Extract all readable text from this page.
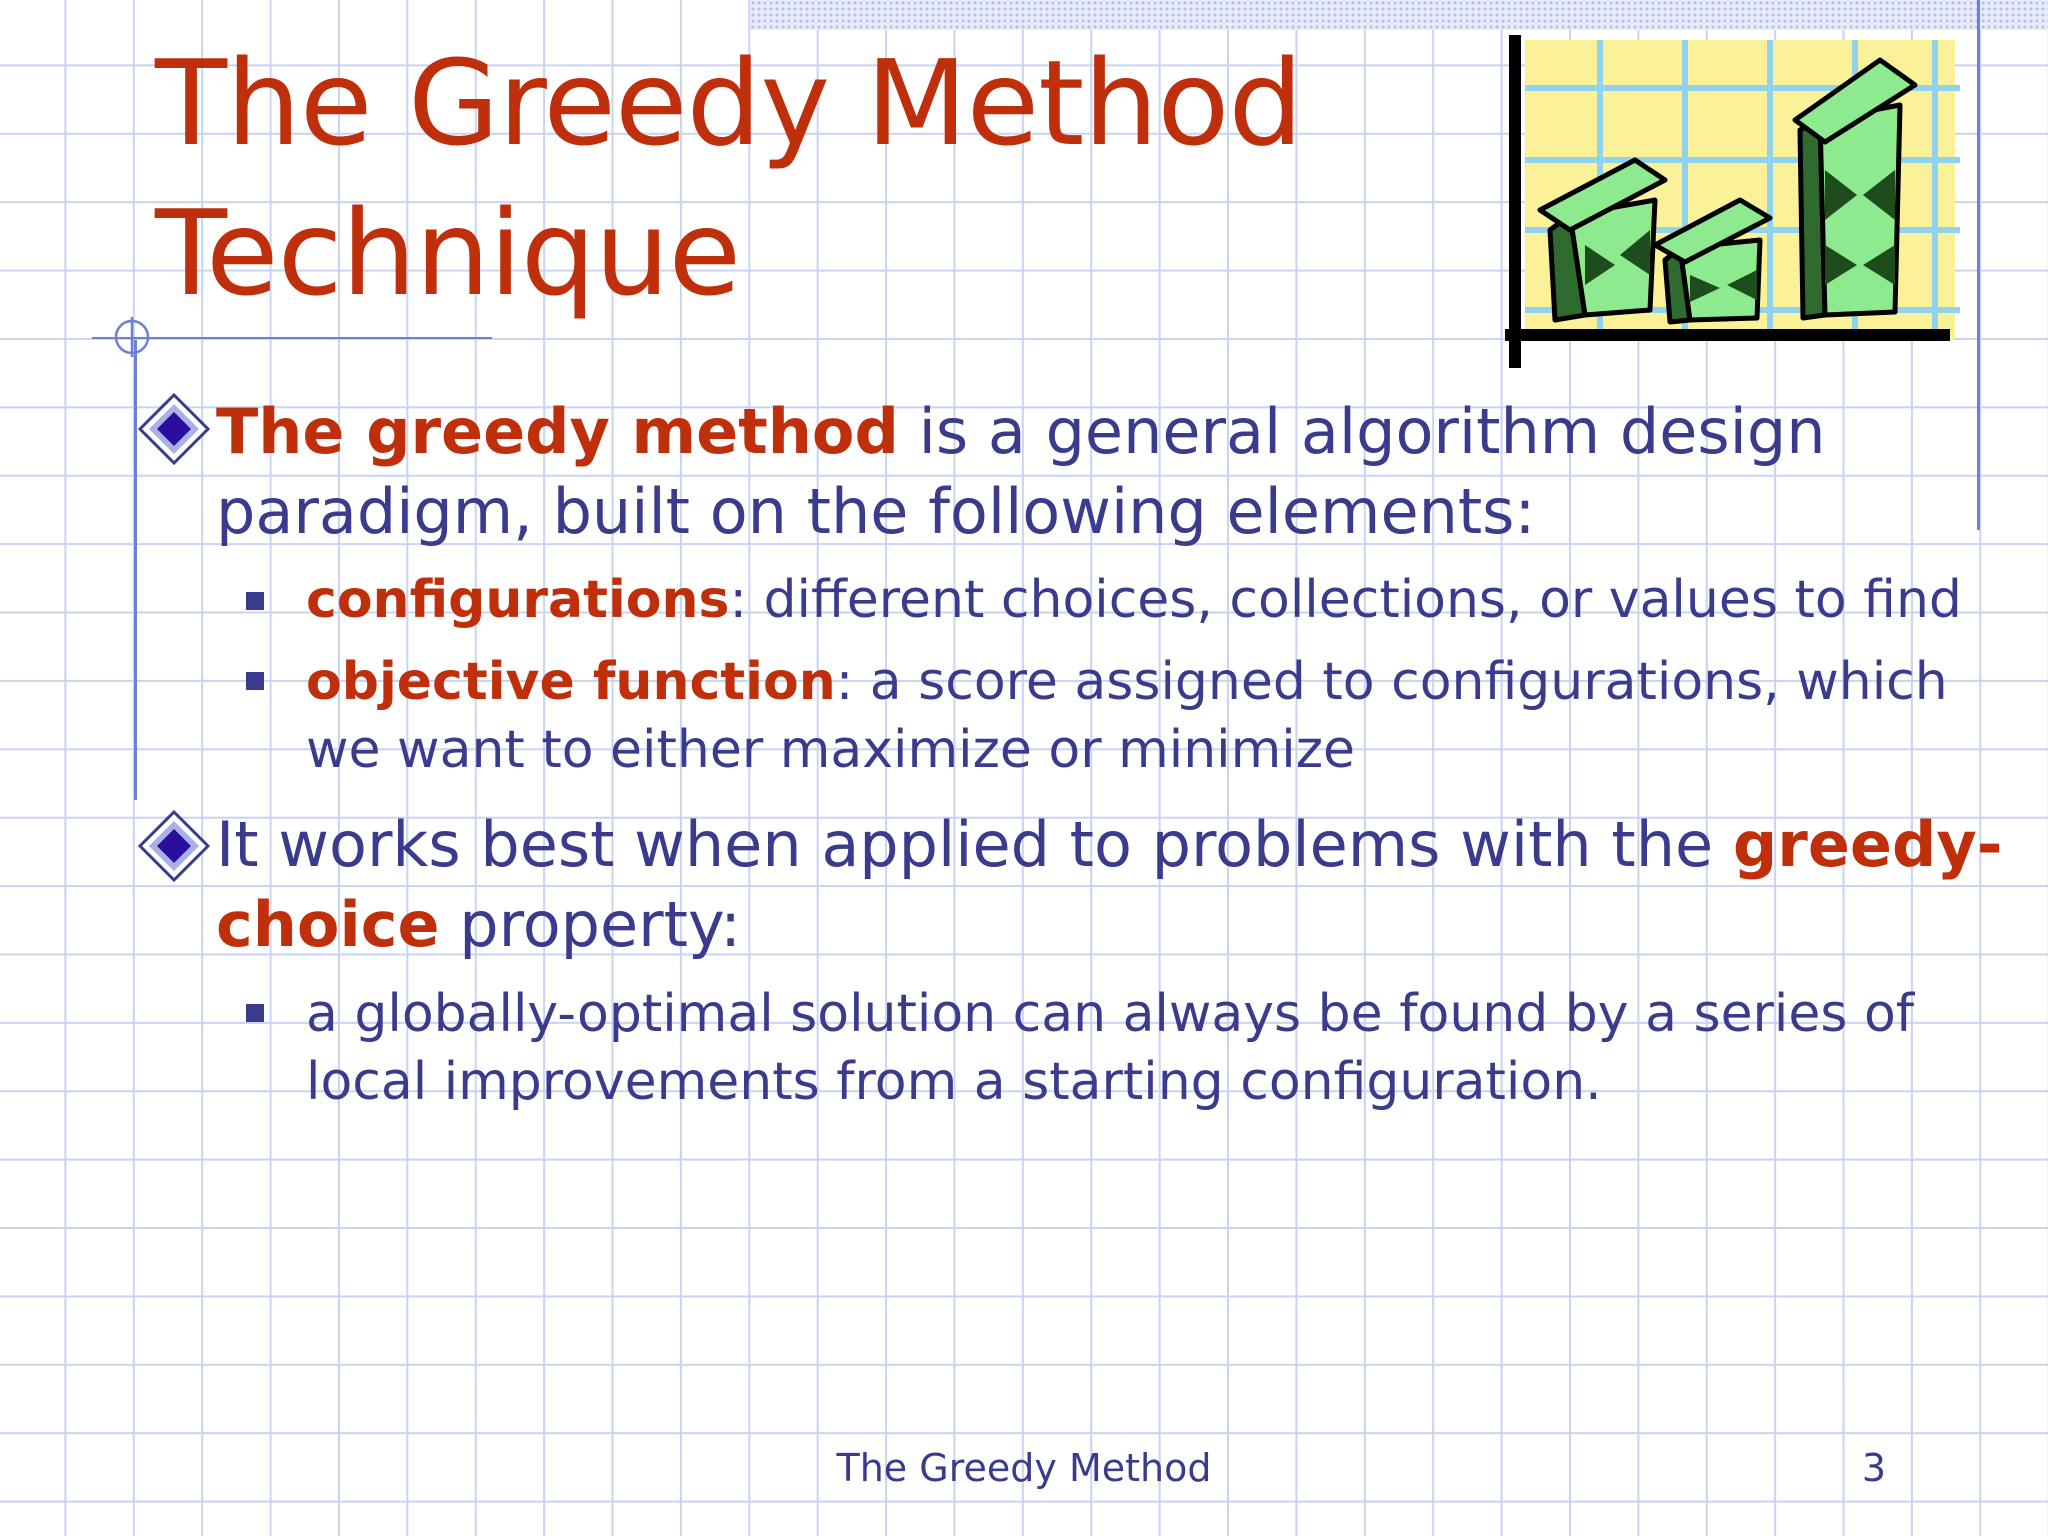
The Greedy Method
Technique

The greedy method is a general algorithm design paradigm, built on the following elements:

configurations: different choices, collections, or values to find

objective function: a score assigned to configurations, which we want to either maximize or minimize

It works best when applied to problems with the greedy-choice property:

a globally-optimal solution can always be found by a series of local improvements from a starting configuration.

The Greedy Method	3
